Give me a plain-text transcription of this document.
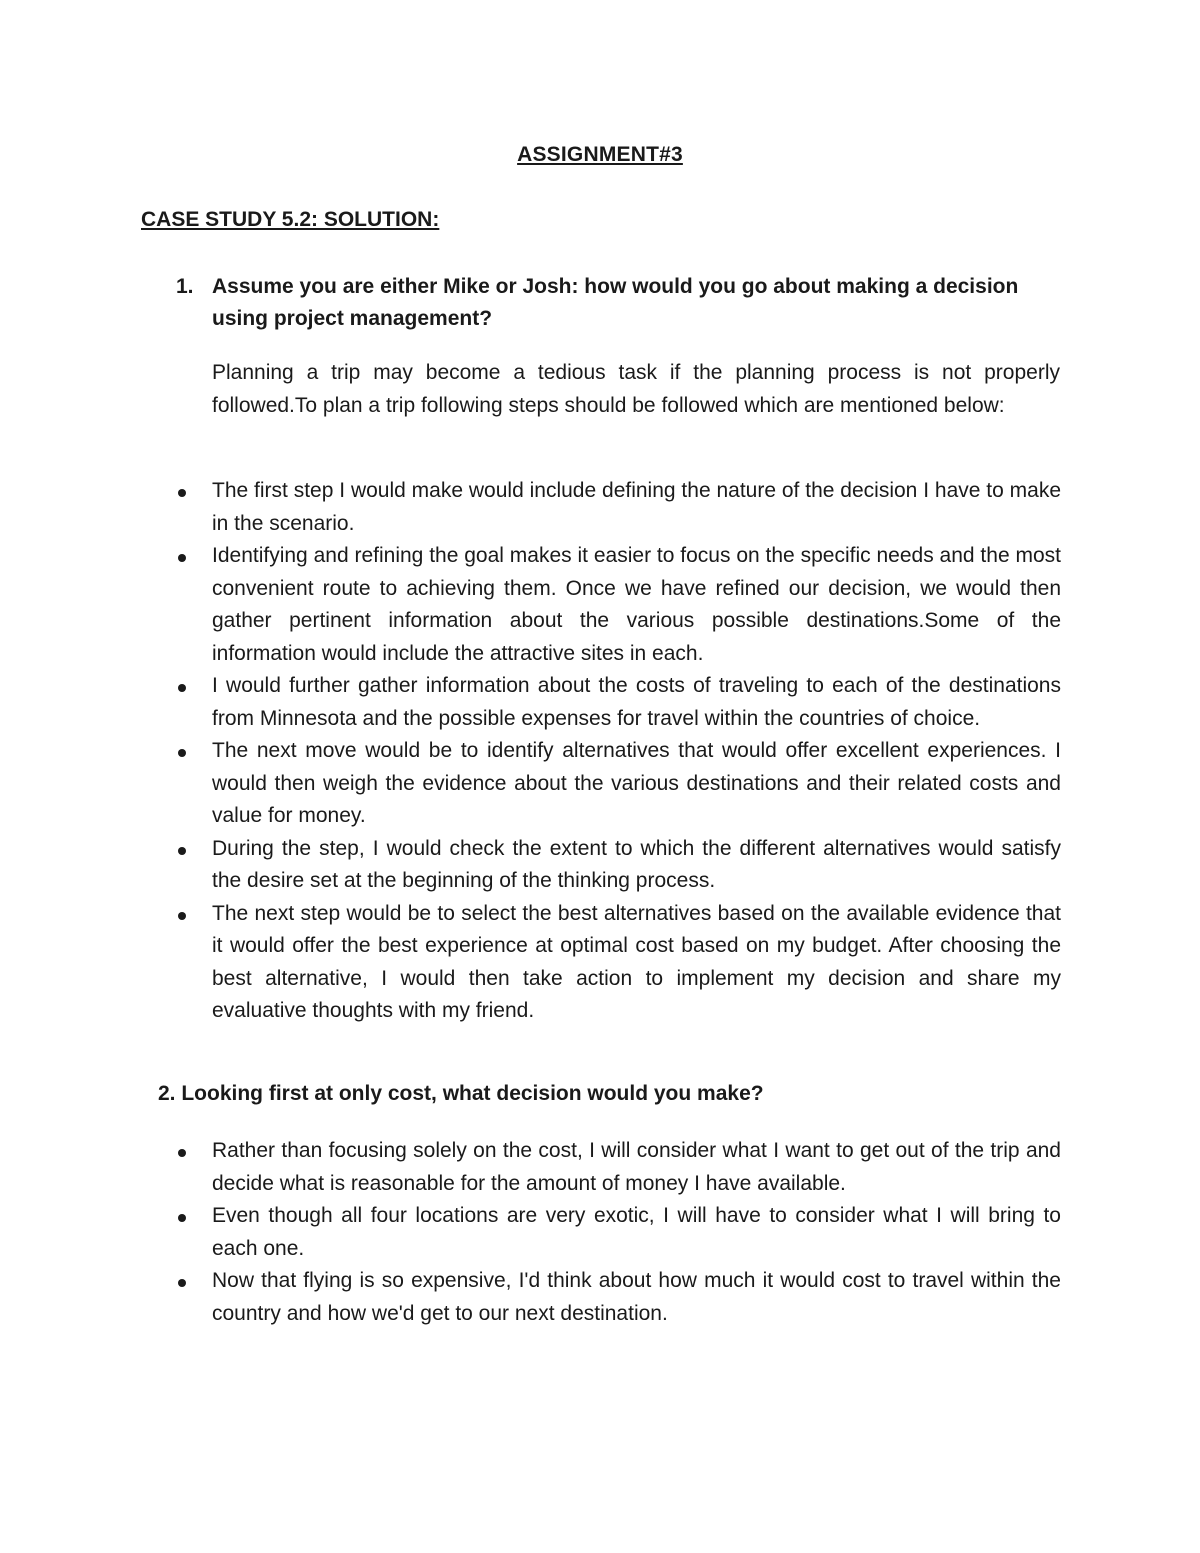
ASSIGNMENT#3
CASE STUDY 5.2: SOLUTION:
1. Assume you are either Mike or Josh: how would you go about making a decision using project management?
Planning a trip may become a tedious task if the planning process is not properly followed.To plan a trip following steps should be followed which are mentioned below:
The first step I would make would include defining the nature of the decision I have to make in the scenario.
Identifying and refining the goal makes it easier to focus on the specific needs and the most convenient route to achieving them. Once we have refined our decision, we would then gather pertinent information about the various possible destinations.Some of the information would include the attractive sites in each.
I would further gather information about the costs of traveling to each of the destinations from Minnesota and the possible expenses for travel within the countries of choice.
The next move would be to identify alternatives that would offer excellent experiences. I would then weigh the evidence about the various destinations and their related costs and value for money.
During the step, I would check the extent to which the different alternatives would satisfy the desire set at the beginning of the thinking process.
The next step would be to select the best alternatives based on the available evidence that it would offer the best experience at optimal cost based on my budget. After choosing the best alternative, I would then take action to implement my decision and share my evaluative thoughts with my friend.
2. Looking first at only cost, what decision would you make?
Rather than focusing solely on the cost, I will consider what I want to get out of the trip and decide what is reasonable for the amount of money I have available.
Even though all four locations are very exotic, I will have to consider what I will bring to each one.
Now that flying is so expensive, I'd think about how much it would cost to travel within the country and how we'd get to our next destination.
